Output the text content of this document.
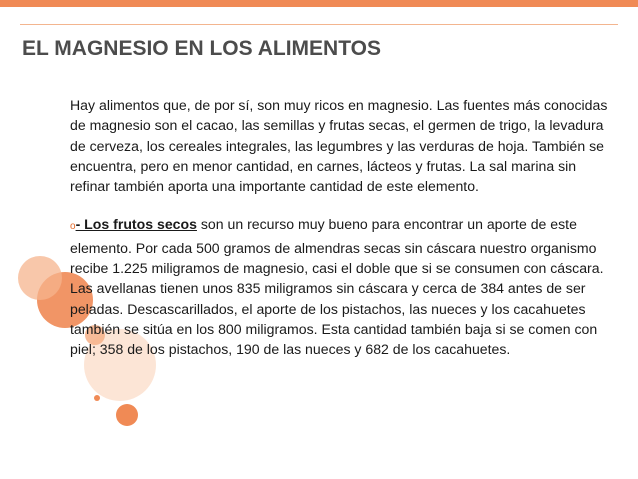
EL MAGNESIO EN LOS ALIMENTOS

Hay alimentos que, de por sí, son muy ricos en magnesio. Las fuentes más conocidas de magnesio son el cacao, las semillas y frutas secas, el germen de trigo, la levadura de cerveza, los cereales integrales, las legumbres y las verduras de hoja. También se encuentra, pero en menor cantidad, en carnes, lácteos y frutas. La sal marina sin refinar también aporta una importante cantidad de este elemento.

o- Los frutos secos son un recurso muy bueno para encontrar un aporte de este elemento. Por cada 500 gramos de almendras secas sin cáscara nuestro organismo recibe 1.225 miligramos de magnesio, casi el doble que si se consumen con cáscara. Las avellanas tienen unos 835 miligramos sin cáscara y cerca de 384 antes de ser peladas. Descascarillados, el aporte de los pistachos, las nueces y los cacahuetes también se sitúa en los 800 miligramos. Esta cantidad también baja si se comen con piel; 358 de los pistachos, 190 de las nueces y 682 de los cacahuetes.
